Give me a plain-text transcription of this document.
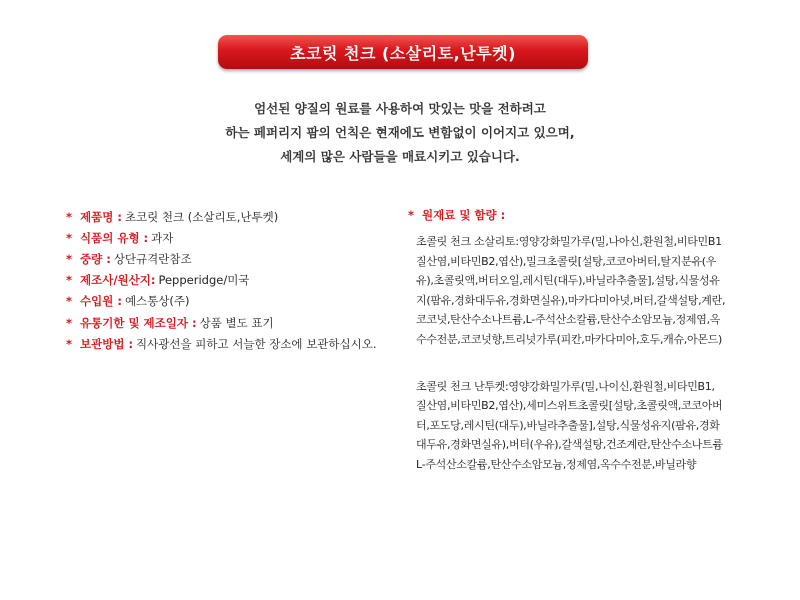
초코릿 천크 (소살리토,난투켓)
엄선된 양질의 원료를 사용하여 맛있는 맛을 전하려고
하는 페퍼리지 팜의 언칙은 현재에도 변함없이 이어지고 있으며,
세계의 많은 사람들을 매료시키고 있습니다.
* 제품명 : 초코릿 천크 (소살리토,난투켓)
* 식품의 유형 : 과자
* 중량 : 상단규격란참조
* 제조사/원산지: Pepperidge/미국
* 수입원 : 예스통상(주)
* 유통기한 및 제조일자 : 상품 별도 표기
* 보관방법 : 직사광선을 피하고 서늘한 장소에 보관하십시오.
* 원재료 및 함량 :
초콜릿 천크 소살리토:영양강화밀가루(밀,나아신,환원철,비타민B1
질산염,비타민B2,엽산),밀크초콜릿[설탕,코코아버터,탈지분유(우
유),초콜릿액,버터오일,레시틴(대두),바닐라추출물],설탕,식물성유
지(팜유,경화대두유,경화면실유),마카다미아넛,버터,갈색설탕,계란,
코코넛,탄산수소나트륨,L-주석산소칼륨,탄산수소암모늄,정제염,옥
수수전분,코코넛향,트리넛가루(피칸,마카다미아,호두,캐슈,아몬드)
초콜릿 천크 난투켓:영양강화밀가루(밀,나이신,환원철,비타민B1,
질산염,비타민B2,엽산),세미스위트초콜릿[설탕,초콜릿액,코코아버
터,포도당,레시틴(대두),바닐라추출물],설탕,식물성유지(팜유,경화
대두유,경화면실유),버터(우유),갈색설탕,건조계란,탄산수소나트륨
L-주석산소칼륨,탄산수소암모늄,정제염,옥수수전분,바닐라향
